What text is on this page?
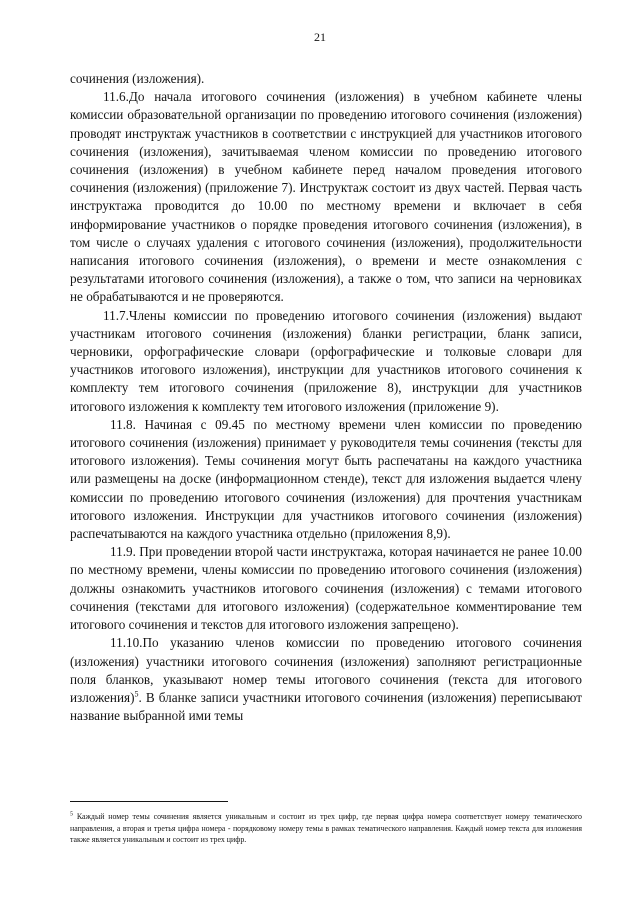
21

сочинения (изложения).

11.6.До начала итогового сочинения (изложения) в учебном кабинете члены комиссии образовательной организации по проведению итогового сочинения (изложения) проводят инструктаж участников в соответствии с инструкцией для участников итогового сочинения (изложения), зачитываемая членом комиссии по проведению итогового сочинения (изложения) в учебном кабинете перед началом проведения итогового сочинения (изложения) (приложение 7). Инструктаж состоит из двух частей. Первая часть инструктажа проводится до 10.00 по местному времени и включает в себя информирование участников о порядке проведения итогового сочинения (изложения), в том числе о случаях удаления с итогового сочинения (изложения), продолжительности написания итогового сочинения (изложения), о времени и месте ознакомления с результатами итогового сочинения (изложения), а также о том, что записи на черновиках не обрабатываются и не проверяются.

11.7.Члены комиссии по проведению итогового сочинения (изложения) выдают участникам итогового сочинения (изложения) бланки регистрации, бланк записи, черновики, орфографические словари (орфографические и толковые словари для участников итогового изложения), инструкции для участников итогового сочинения к комплекту тем итогового сочинения (приложение 8), инструкции для участников итогового изложения к комплекту тем итогового изложения (приложение 9).

11.8. Начиная с 09.45 по местному времени член комиссии по проведению итогового сочинения (изложения) принимает у руководителя темы сочинения (тексты для итогового изложения). Темы сочинения могут быть распечатаны на каждого участника или размещены на доске (информационном стенде), текст для изложения выдается члену комиссии по проведению итогового сочинения (изложения) для прочтения участникам итогового изложения. Инструкции для участников итогового сочинения (изложения) распечатываются на каждого участника отдельно (приложения 8,9).

11.9. При проведении второй части инструктажа, которая начинается не ранее 10.00 по местному времени, члены комиссии по проведению итогового сочинения (изложения) должны ознакомить участников итогового сочинения (изложения) с темами итогового сочинения (текстами для итогового изложения) (содержательное комментирование тем итогового сочинения и текстов для итогового изложения запрещено).

11.10.По указанию членов комиссии по проведению итогового сочинения (изложения) участники итогового сочинения (изложения) заполняют регистрационные поля бланков, указывают номер темы итогового сочинения (текста для итогового изложения)$^5$. В бланке записи участники итогового сочинения (изложения) переписывают название выбранной ими темы

$^5$ Каждый номер темы сочинения является уникальным и состоит из трех цифр, где первая цифра номера соответствует номеру тематического направления, а вторая и третья цифра номера - порядковому номеру темы в рамках тематического направления. Каждый номер текста для изложения также является уникальным и состоит из трех цифр.
